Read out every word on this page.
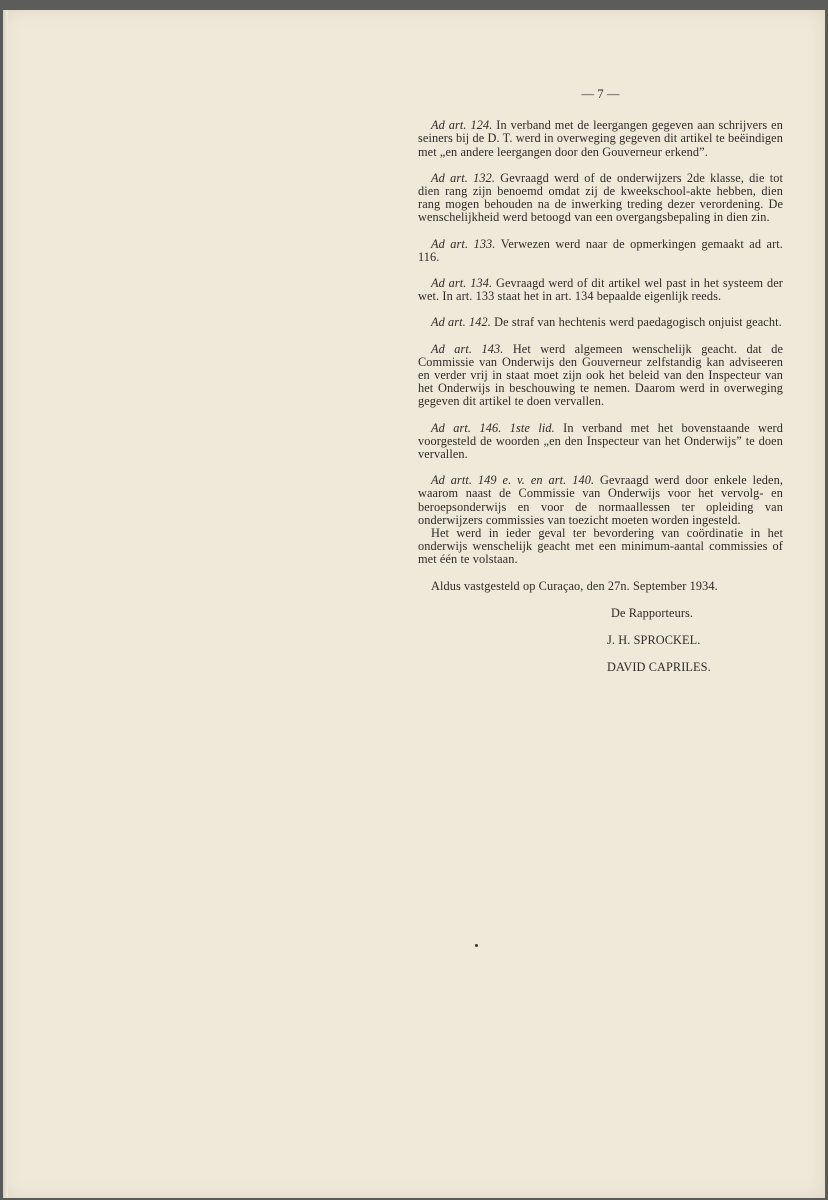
— 7 —

Ad art. 124. In verband met de leergangen gegeven aan schrijvers en seiners bij de D. T. werd in overweging gegeven dit artikel te beëindigen met „en andere leergangen door den Gouverneur erkend”.

Ad art. 132. Gevraagd werd of de onderwijzers 2de klasse, die tot dien rang zijn benoemd omdat zij de kweekschool-akte hebben, dien rang mogen behouden na de inwerking treding dezer verordening. De wenschelijkheid werd betoogd van een overgangsbepaling in dien zin.

Ad art. 133. Verwezen werd naar de opmerkingen gemaakt ad art. 116.

Ad art. 134. Gevraagd werd of dit artikel wel past in het systeem der wet. In art. 133 staat het in art. 134 bepaalde eigenlijk reeds.

Ad art. 142. De straf van hechtenis werd paedagogisch onjuist geacht.

Ad art. 143. Het werd algemeen wenschelijk geacht. dat de Commissie van Onderwijs den Gouverneur zelfstandig kan adviseeren en verder vrij in staat moet zijn ook het beleid van den Inspecteur van het Onderwijs in beschouwing te nemen. Daarom werd in overweging gegeven dit artikel te doen vervallen.

Ad art. 146. 1ste lid. In verband met het bovenstaande werd voorgesteld de woorden „en den Inspecteur van het Onderwijs” te doen vervallen.

Ad artt. 149 e. v. en art. 140. Gevraagd werd door enkele leden, waarom naast de Commissie van Onderwijs voor het vervolg- en beroepsonderwijs en voor de normaallessen ter opleiding van onderwijzers commissies van toezicht moeten worden ingesteld.

Het werd in ieder geval ter bevordering van coördinatie in het onderwijs wenschelijk geacht met een minimum-aantal commissies of met één te volstaan.

Aldus vastgesteld op Curaçao, den 27n. September 1934.

De Rapporteurs.

J. H. SPROCKEL.

DAVID CAPRILES.
